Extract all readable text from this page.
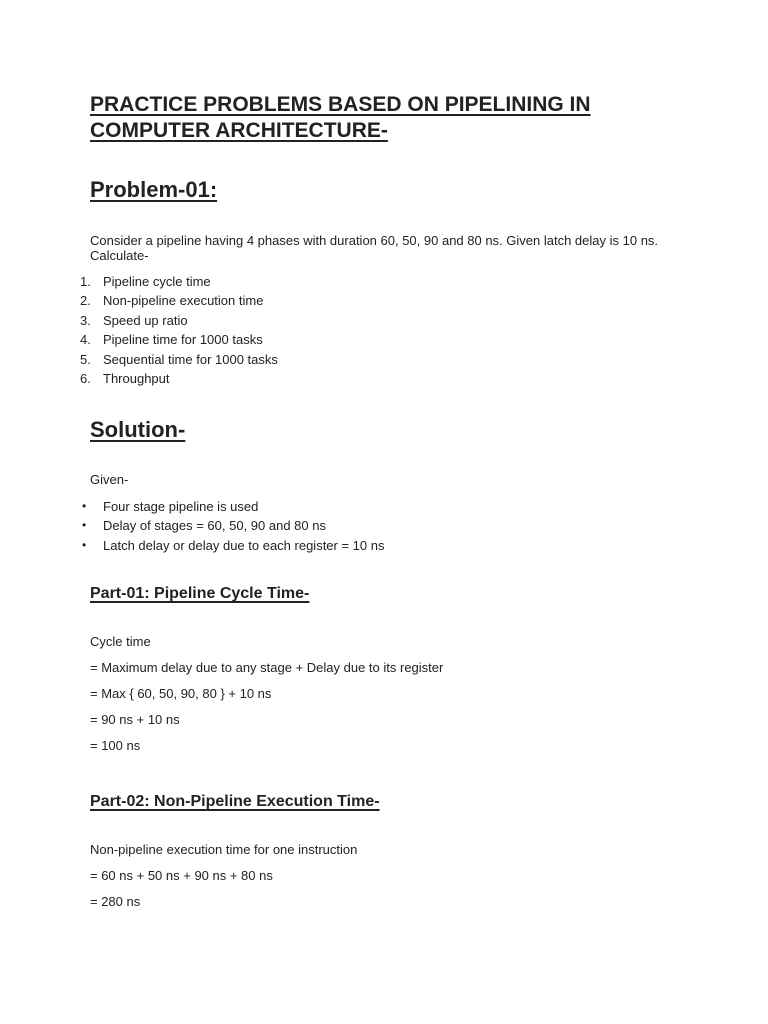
PRACTICE PROBLEMS BASED ON PIPELINING IN COMPUTER ARCHITECTURE-
Problem-01:

Consider a pipeline having 4 phases with duration 60, 50, 90 and 80 ns. Given latch delay is 10 ns. Calculate-

1. Pipeline cycle time
2. Non-pipeline execution time
3. Speed up ratio
4. Pipeline time for 1000 tasks
5. Sequential time for 1000 tasks
6. Throughput
Solution-

Given-

•	Four stage pipeline is used
•	Delay of stages = 60, 50, 90 and 80 ns
•	Latch delay or delay due to each register = 10 ns
Part-01: Pipeline Cycle Time-

Cycle time

= Maximum delay due to any stage + Delay due to its register

= Max { 60, 50, 90, 80 } + 10 ns

= 90 ns + 10 ns

= 100 ns

Part-02: Non-Pipeline Execution Time-

Non-pipeline execution time for one instruction

= 60 ns + 50 ns + 90 ns + 80 ns

= 280 ns
